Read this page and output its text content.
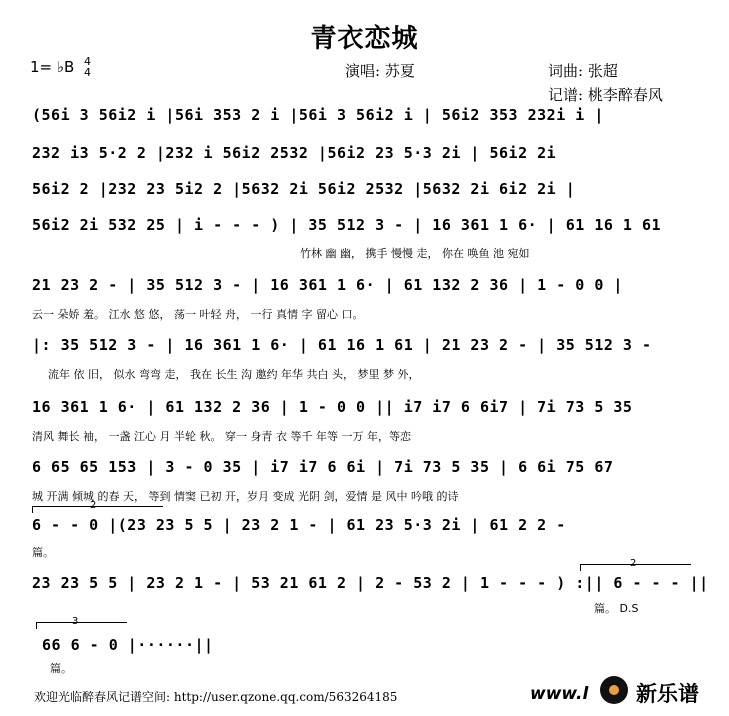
青衣恋城
1= ♭B 4
4	演唱: 苏夏	词曲: 张超
记谱: 桃李醉春风
(56i 3 56i2 i |56i 353 2 i |56i 3 56i2 i | 56i2 353 232i i |
232 i3 5·2 2 |232 i 56i2 2532 |56i2 23 5·3 2i | 56i2 2i
56i2 2 |232 23 5i2 2 |5632 2i 56i2 2532 |5632 2i 6i2 2i |
56i2 2i 532 25 | i - - - ) | 35 512 3 - | 16 361 1 6· | 61 16 1 61
竹林 幽 幽， 携手 慢慢 走， 你在 唤鱼 池 宛如
21 23 2 - | 35 512 3 - | 16 361 1 6· | 61 132 2 36 | 1 - 0 0 |
云一 朵娇 羞。 江水 悠 悠， 荡一 叶轻 舟， 一行 真情 字 留心 口。
|: 35 512 3 - | 16 361 1 6· | 61 16 1 61 | 21 23 2 - | 35 512 3 -
流年 依 旧， 似水 弯弯 走， 我在 长生 沟 邀约 年华 共白 头， 梦里 梦 外，
16 361 1 6· | 61 132 2 36 | 1 - 0 0 || i7 i7 6 6i7 | 7i 73 5 35
清风 舞长 袖， 一盏 江心 月 半轮 秋。 穿一 身青 衣 等千 年等 一万 年，等恋
6 65 65 153 | 3 - 0 35 | i7 i7 6 6i | 7i 73 5 35 | 6 6i 75 67
城 开满 倾城 的春 天， 等到 情窦 已初 开，岁月 变成 光阴 剑，爱情 是 风中 吟哦 的诗
2
6 - - 0 |(23 23 5 5 | 23 2 1 - | 61 23 5·3 2i | 61 2 2 -
篇。
2
23 23 5 5 | 23 2 1 - | 53 21 61 2 | 2 - 53 2 | 1 - - - ) :|| 6 - - - ||
篇。 D.S
3
66 6 - 0 |······||
篇。
欢迎光临醉春风记谱空间: http://user.qzone.qq.com/563264185	www.l 新乐谱
